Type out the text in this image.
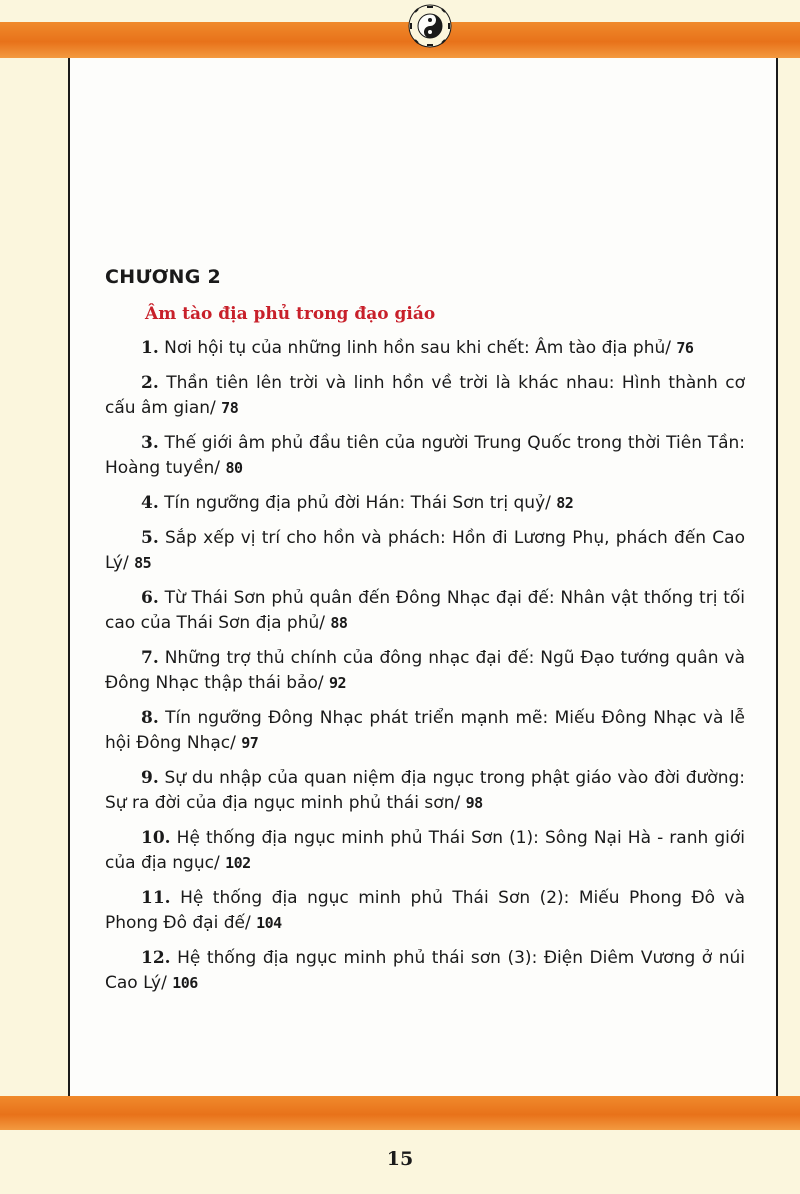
CHƯƠNG 2
Âm tào địa phủ trong đạo giáo
1. Nơi hội tụ của những linh hồn sau khi chết: Âm tào địa phủ/ 76
2. Thần tiên lên trời và linh hồn về trời là khác nhau: Hình thành cơ cấu âm gian/ 78
3. Thế giới âm phủ đầu tiên của người Trung Quốc trong thời Tiên Tần: Hoàng tuyền/ 80
4. Tín ngưỡng địa phủ đời Hán: Thái Sơn trị quỷ/ 82
5. Sắp xếp vị trí cho hồn và phách: Hồn đi Lương Phụ, phách đến Cao Lý/ 85
6. Từ Thái Sơn phủ quân đến Đông Nhạc đại đế: Nhân vật thống trị tối cao của Thái Sơn địa phủ/ 88
7. Những trợ thủ chính của đông nhạc đại đế: Ngũ Đạo tướng quân và Đông Nhạc thập thái bảo/ 92
8. Tín ngưỡng Đông Nhạc phát triển mạnh mẽ: Miếu Đông Nhạc và lễ hội Đông Nhạc/ 97
9. Sự du nhập của quan niệm địa ngục trong phật giáo vào đời đường: Sự ra đời của địa ngục minh phủ thái sơn/ 98
10. Hệ thống địa ngục minh phủ Thái Sơn (1): Sông Nại Hà - ranh giới của địa ngục/ 102
11. Hệ thống địa ngục minh phủ Thái Sơn (2): Miếu Phong Đô và Phong Đô đại đế/ 104
12. Hệ thống địa ngục minh phủ thái sơn (3): Điện Diêm Vương ở núi Cao Lý/ 106
15
